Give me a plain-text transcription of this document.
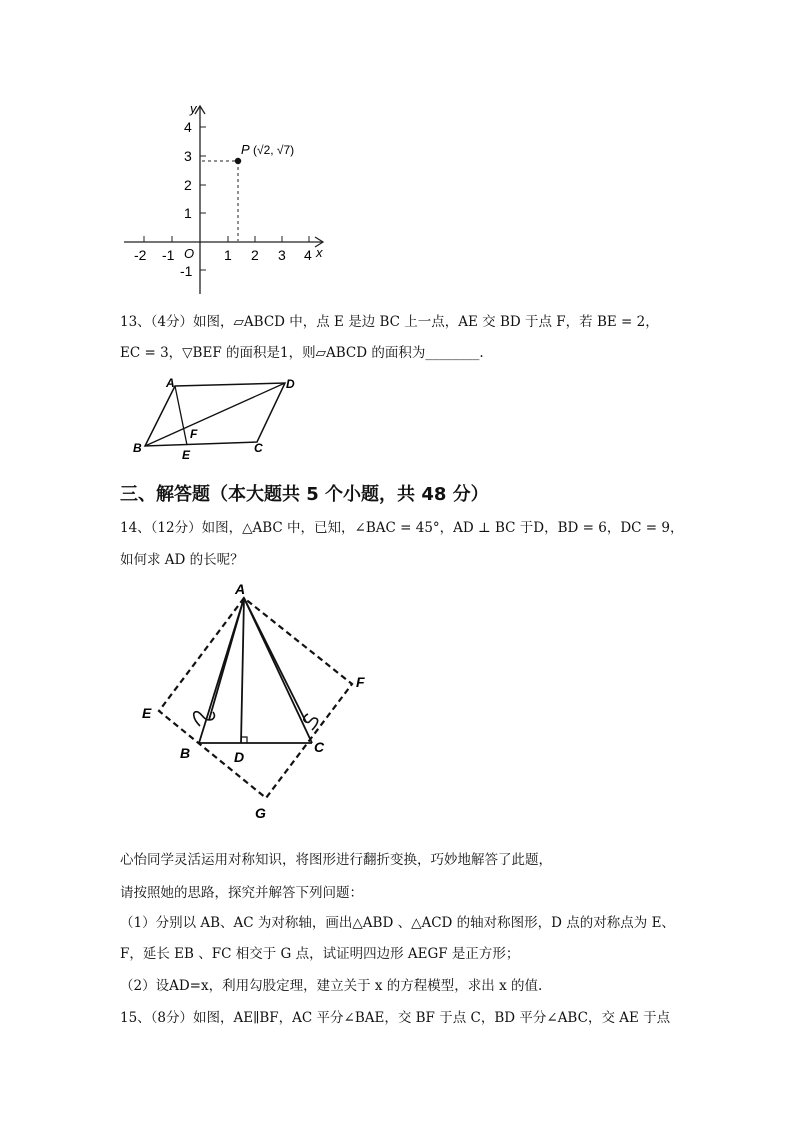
y
x
O
4
3
2
1
-1
-2 -1	1 2 3 4
P (√2, √7)
13、（4分）如图，▱ABCD 中，点 E 是边 BC 上一点，AE 交 BD 于点 F，若 BE = 2，
EC = 3，▽BEF 的面积是1，则▱ABCD 的面积为________.
A	D
B	C
E
F
三、解答题（本大题共 5 个小题，共 48 分）
14、（12分）如图，△ABC 中，已知，∠BAC = 45°，AD ⊥ BC 于D，BD = 6，DC = 9，
如何求 AD 的长呢？
A
E
F
B	D
C
G
心怡同学灵活运用对称知识，将图形进行翻折变换，巧妙地解答了此题，
请按照她的思路，探究并解答下列问题：
（1）分别以 AB、AC 为对称轴，画出△ABD 、△ACD 的轴对称图形，D 点的对称点为 E、
F，延长 EB 、FC 相交于 G 点，试证明四边形 AEGF 是正方形；
（2）设AD=x，利用勾股定理，建立关于 x 的方程模型，求出 x 的值.
15、（8分）如图，AE∥BF，AC 平分∠BAE，交 BF 于点 C，BD 平分∠ABC，交 AE 于点
